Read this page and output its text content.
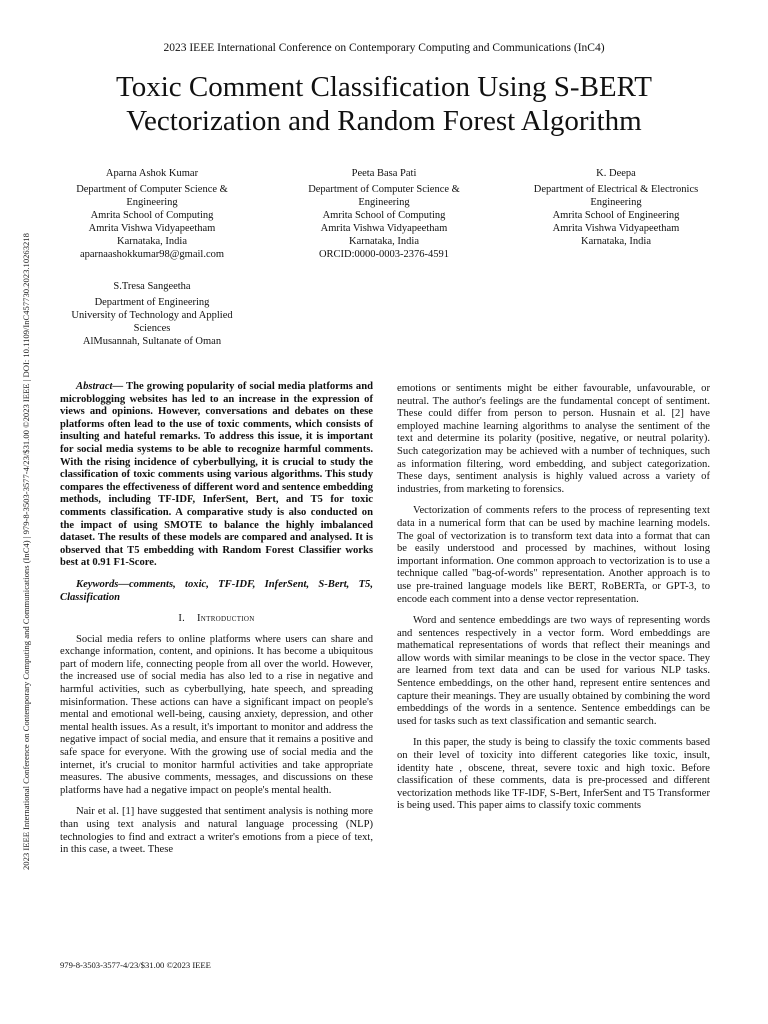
2023 IEEE International Conference on Contemporary Computing and Communications (InC4)
Toxic Comment Classification Using S-BERT Vectorization and Random Forest Algorithm
2023 IEEE International Conference on Contemporary Computing and Communications (InC4) | 979-8-3503-3577-4/23/$31.00 ©2023 IEEE | DOI: 10.1109/InC457730.2023.10263218
Aparna Ashok Kumar
Department of Computer Science &
Engineering
Amrita School of Computing
Amrita Vishwa Vidyapeetham
Karnataka, India
aparnaashokkumar98@gmail.com
Peeta Basa Pati
Department of Computer Science &
Engineering
Amrita School of Computing
Amrita Vishwa Vidyapeetham
Karnataka, India
ORCID:0000-0003-2376-4591
K. Deepa
Department of Electrical & Electronics
Engineering
Amrita School of Engineering
Amrita Vishwa Vidyapeetham
Karnataka, India
S.Tresa Sangeetha
Department of Engineering
University of Technology and Applied
Sciences
AlMusannah, Sultanate of Oman

Abstract— The growing popularity of social media platforms and microblogging websites has led to an increase in the expression of views and opinions. However, conversations and debates on these platforms often lead to the use of toxic comments, which consists of insulting and hateful remarks. To address this issue, it is important for social media systems to be able to recognize harmful comments. With the rising incidence of cyberbullying, it is crucial to study the classification of toxic comments using various algorithms. This study compares the effectiveness of different word and sentence embedding methods, including TF-IDF, InferSent, Bert, and T5 for toxic comments classification. A comparative study is also conducted on the impact of using SMOTE to balance the highly imbalanced dataset. The results of these models are compared and analysed. It is observed that T5 embedding with Random Forest Classifier works best at 0.91 F1-Score.

Keywords—comments, toxic, TF-IDF, InferSent, S-Bert, T5, Classification

I. Introduction

Social media refers to online platforms where users can share and exchange information, content, and opinions. It has become a ubiquitous part of modern life, connecting people from all over the world. However, the increased use of social media has also led to a rise in negative and harmful activities, such as cyberbullying, hate speech, and spreading misinformation. These actions can have a significant impact on people's mental and emotional well-being, causing anxiety, depression, and other mental health issues. As a result, it's important to monitor and address the negative impact of social media, and ensure that it remains a positive and safe space for everyone. With the growing use of social media and the internet, it's crucial to monitor harmful activities and take appropriate measures. The abusive comments, messages, and discussions on these platforms have had a negative impact on people's mental health.

Nair et al. [1] have suggested that sentiment analysis is nothing more than using text analysis and natural language processing (NLP) technologies to find and extract a writer's emotions from a piece of text, in this case, a tweet. These

emotions or sentiments might be either favourable, unfavourable, or neutral. The author's feelings are the fundamental concept of sentiment. These could differ from person to person. Husnain et al. [2] have employed machine learning algorithms to analyse the sentiment of the text and determine its polarity (positive, negative, or neutral polarity). Such categorization may be achieved with a number of techniques, such as information filtering, word embedding, and subject categorization. These days, sentiment analysis is highly valued across a variety of industries, from marketing to forensics.

Vectorization of comments refers to the process of representing text data in a numerical form that can be used by machine learning models. The goal of vectorization is to transform text data into a format that can be easily understood and processed by machines, without losing important information. One common approach to vectorization is to use a technique called "bag-of-words" representation. Another approach is to use pre-trained language models like BERT, RoBERTa, or GPT-3, to encode each comment into a dense vector representation.

Word and sentence embeddings are two ways of representing words and sentences respectively in a vector form. Word embeddings are mathematical representations of words that reflect their meanings and allow words with similar meanings to be close in the vector space. They are learned from text data and can be used for various NLP tasks. Sentence embeddings, on the other hand, represent entire sentences and capture their meanings. They are usually obtained by combining the word embeddings of the words in a sentence. Sentence embeddings can be used for tasks such as text classification and semantic search.

In this paper, the study is being to classify the toxic comments based on their level of toxicity into different categories like toxic, insult, identity hate , obscene, threat, severe toxic and high toxic. Before classification of these comments, data is pre-processed and different vectorization methods like TF-IDF, S-Bert, InferSent and T5 Transformer is being used. This paper aims to classify toxic comments

979-8-3503-3577-4/23/$31.00 ©2023 IEEE
